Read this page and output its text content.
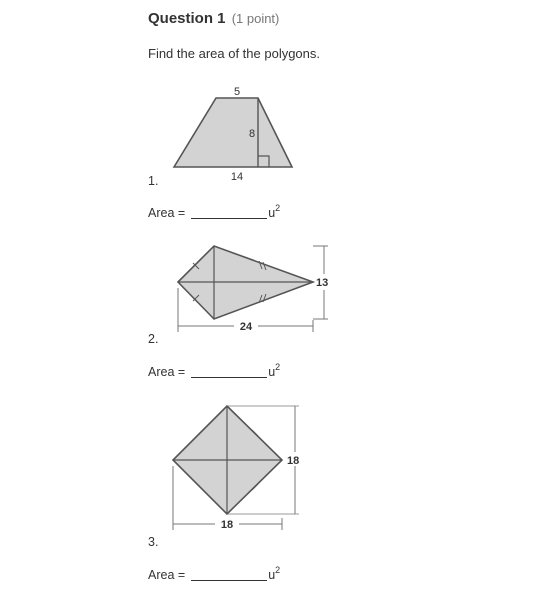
Question 1 (1 point)
Find the area of the polygons.
5
8
14
1.
Area =	$u^2$
13
24
2.
Area =	$u^2$
18
18
3.
Area =	$u^2$
